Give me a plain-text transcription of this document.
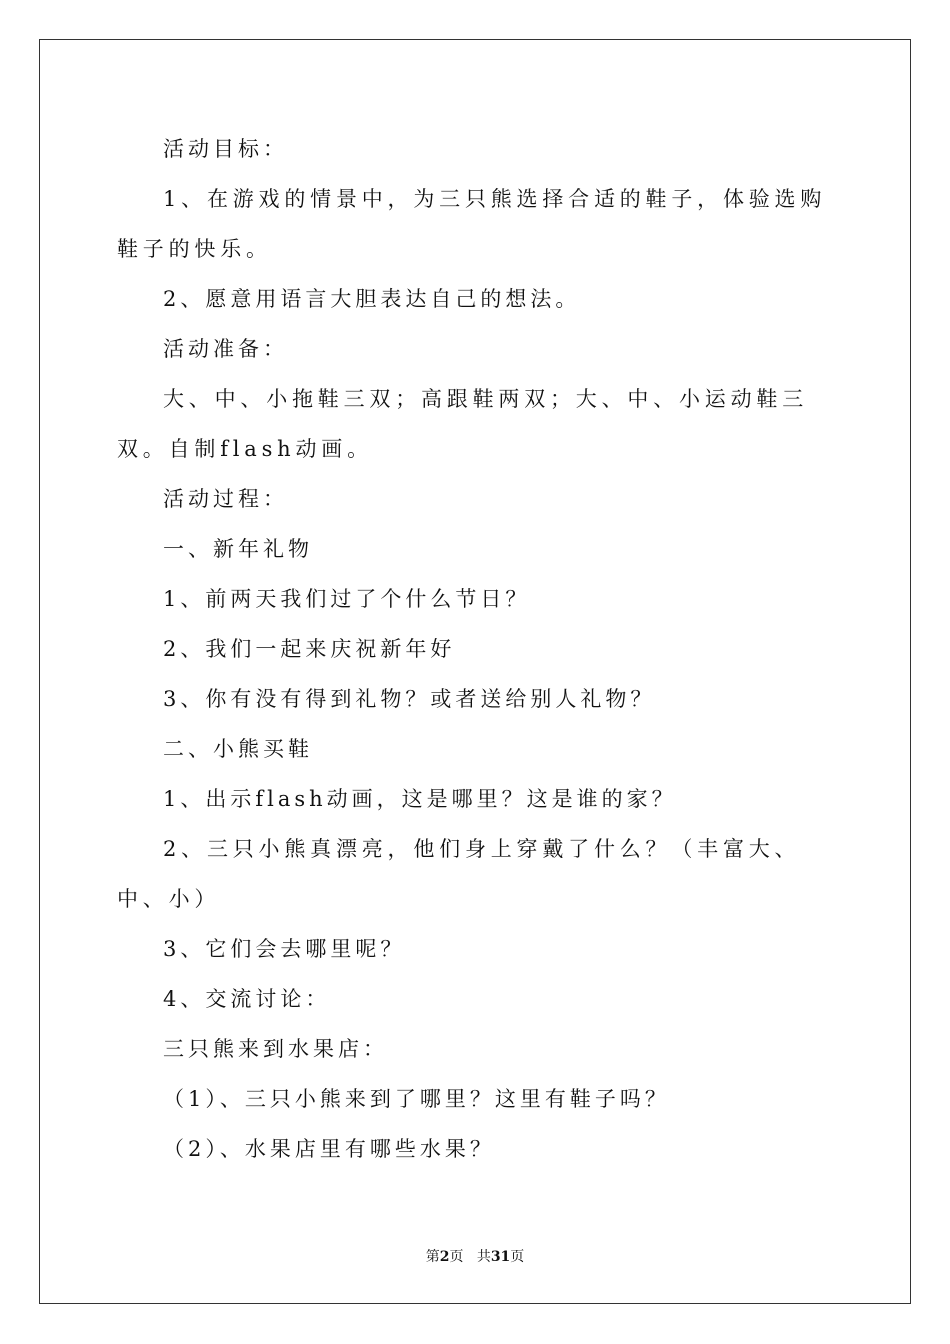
活动目标：

1、在游戏的情景中，为三只熊选择合适的鞋子，体验选购鞋子的快乐。

2、愿意用语言大胆表达自己的想法。

活动准备：

大、中、小拖鞋三双；高跟鞋两双；大、中、小运动鞋三双。自制flash动画。

活动过程：

一、新年礼物

1、前两天我们过了个什么节日？

2、我们一起来庆祝新年好

3、你有没有得到礼物？或者送给别人礼物？

二、小熊买鞋

1、出示flash动画，这是哪里？这是谁的家？

2、三只小熊真漂亮，他们身上穿戴了什么？（丰富大、中、小）

3、它们会去哪里呢？

4、交流讨论：

三只熊来到水果店：

（1）、三只小熊来到了哪里？这里有鞋子吗？

（2）、水果店里有哪些水果？

第2页 共31页
